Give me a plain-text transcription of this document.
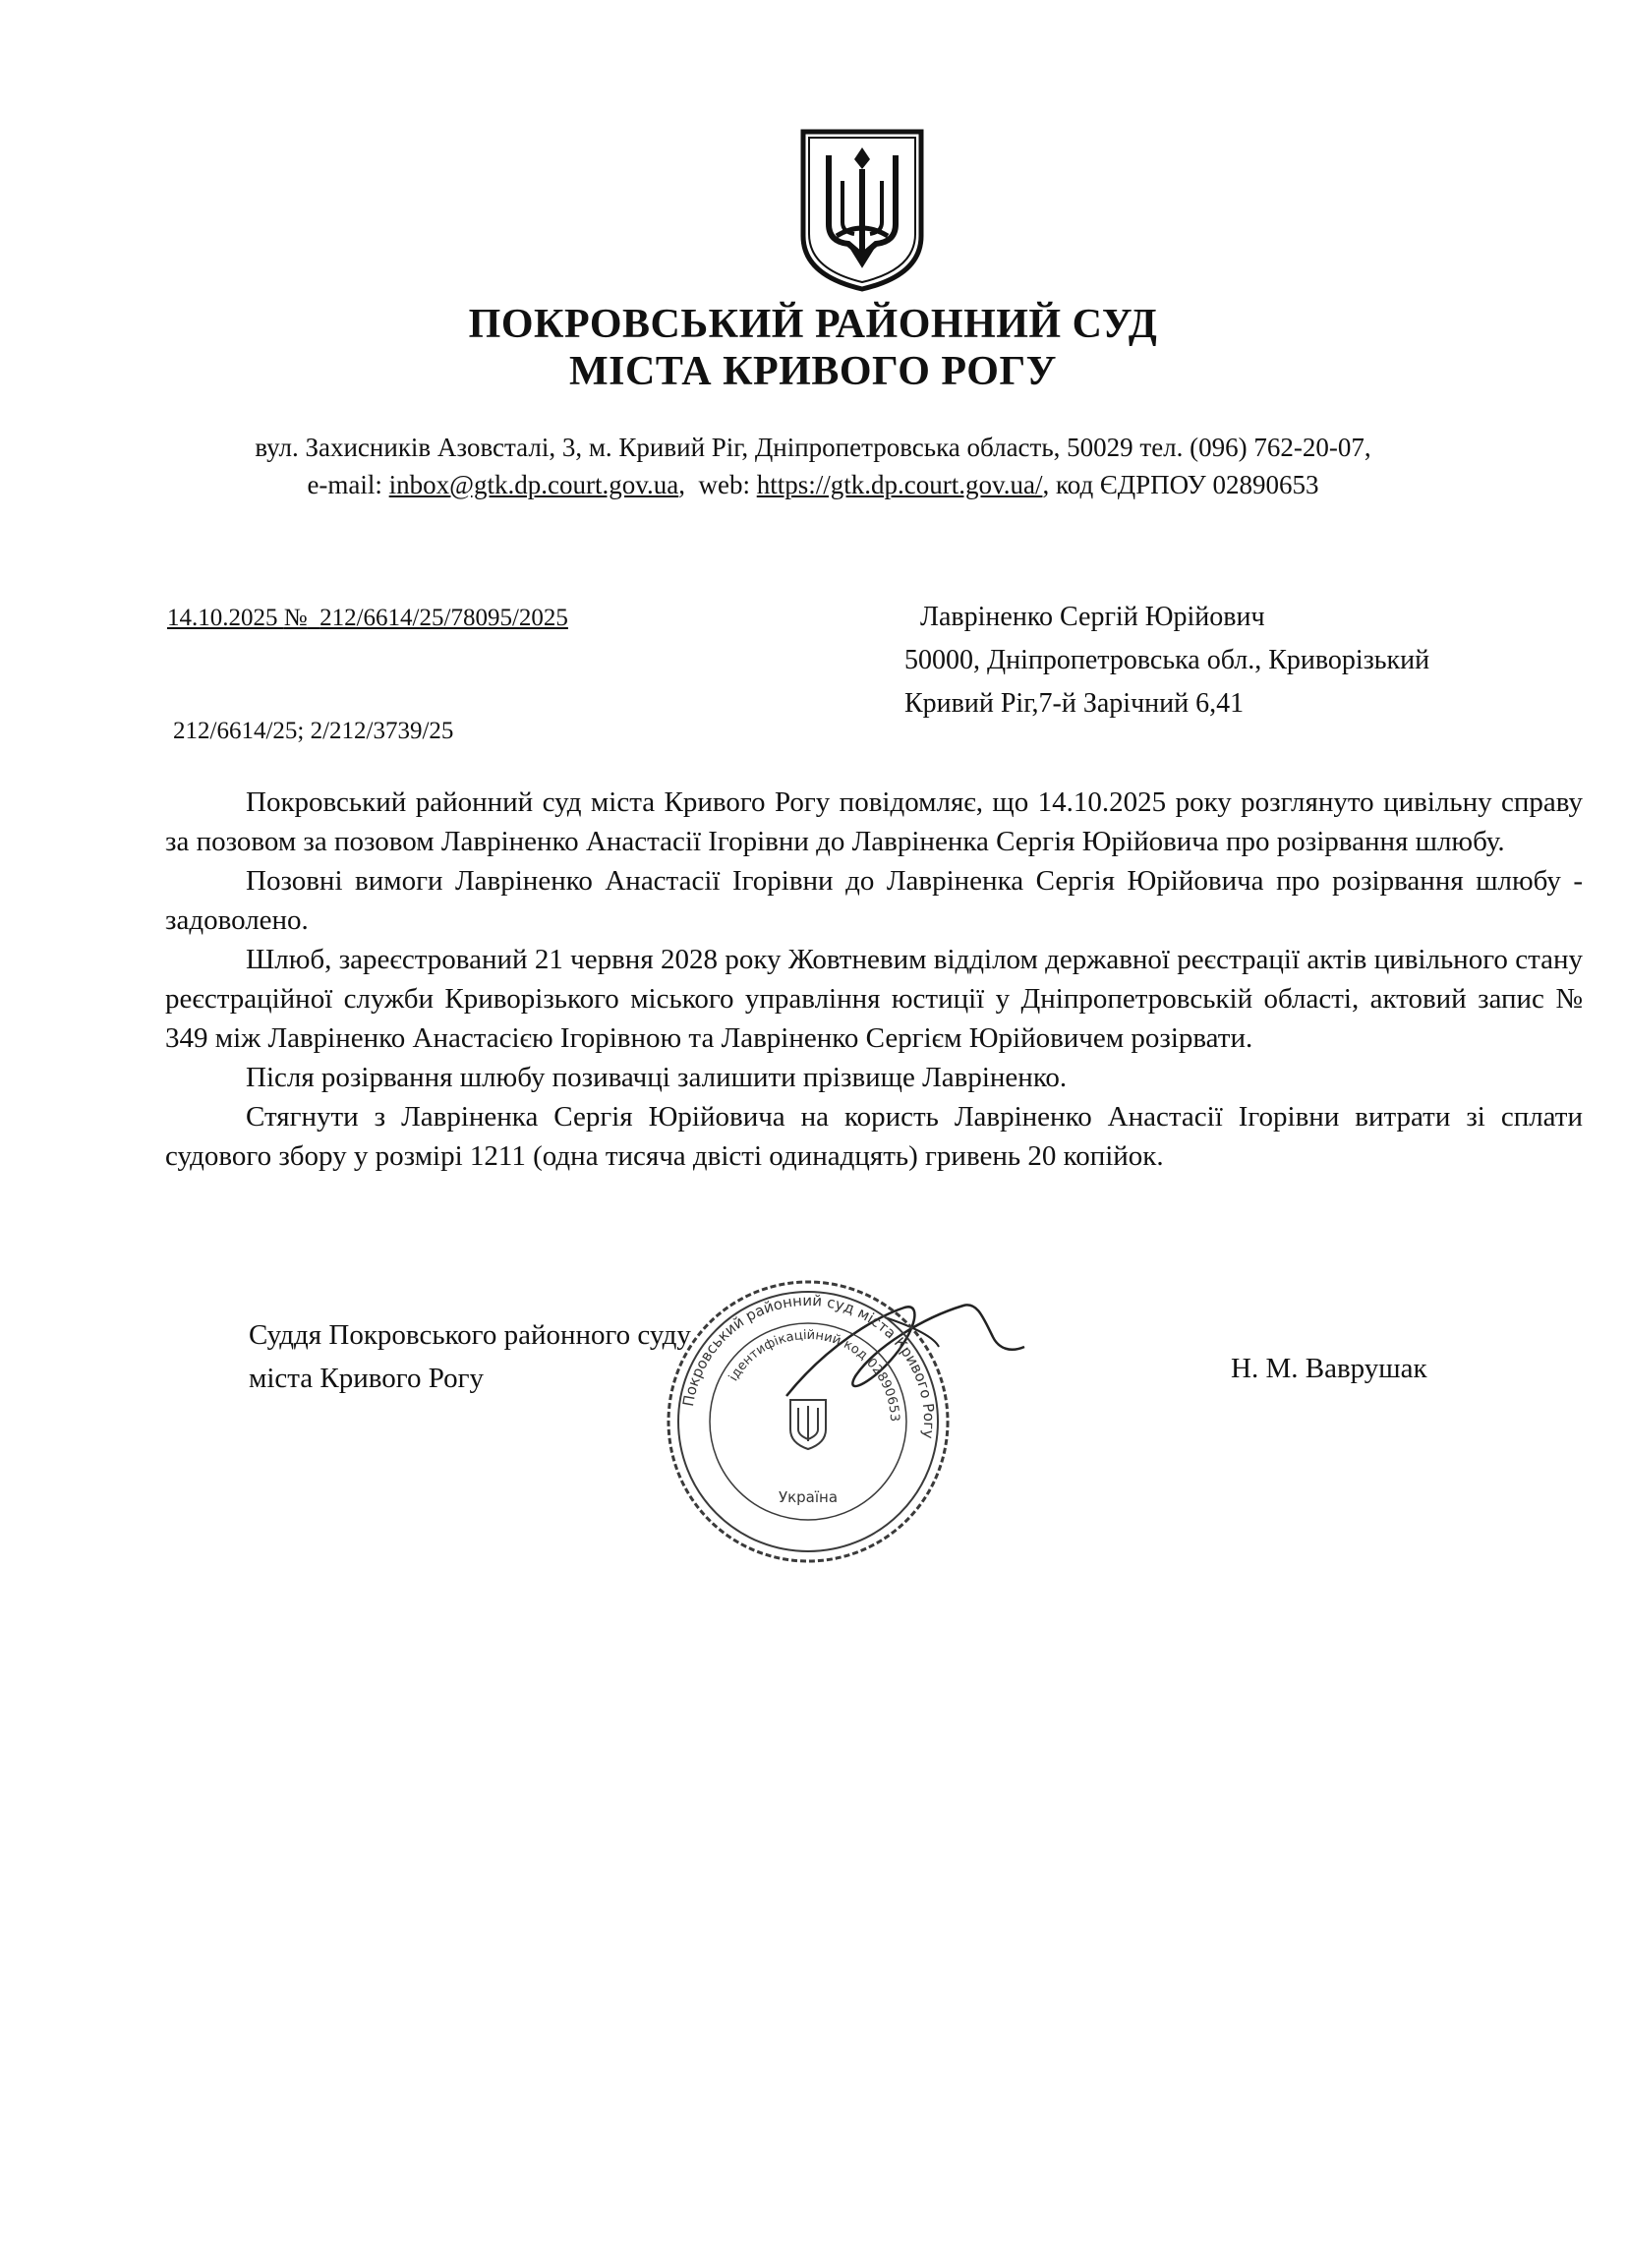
ПОКРОВСЬКИЙ РАЙОННИЙ СУД
МІСТА КРИВОГО РОГУ
вул. Захисників Азовсталі, 3, м. Кривий Ріг, Дніпропетровська область, 50029 тел. (096) 762-20-07,
e-mail: inbox@gtk.dp.court.gov.ua,  web: https://gtk.dp.court.gov.ua/, код ЄДРПОУ 02890653
14.10.2025 № 212/6614/25/78095/2025
212/6614/25; 2/212/3739/25
Лавріненко Сергій Юрійович
50000, Дніпропетровська обл., Криворізький
Кривий Ріг,7-й Зарічний 6,41

Покровський районний суд міста Кривого Рогу повідомляє, що 14.10.2025 року розглянуто цивільну справу за позовом за позовом Лавріненко Анастасії Ігорівни до Лавріненка Сергія Юрійовича про розірвання шлюбу.

Позовні вимоги Лавріненко Анастасії Ігорівни до Лавріненка Сергія Юрійовича про розірвання шлюбу - задоволено.

Шлюб, зареєстрований 21 червня 2028 року Жовтневим відділом державної реєстрації актів цивільного стану реєстраційної служби Криворізького міського управління юстиції у Дніпропетровській області, актовий запис № 349 між Лавріненко Анастасією Ігорівною та Лавріненко Сергієм Юрійовичем розірвати.

Після розірвання шлюбу позивачці залишити прізвище Лавріненко.

Стягнути з Лавріненка Сергія Юрійовича на користь Лавріненко Анастасії Ігорівни витрати зі сплати судового збору у розмірі 1211 (одна тисяча двісті одинадцять) гривень 20 копійок.

Суддя Покровського районного суду
міста Кривого Рогу	Н. М. Ваврушак
Покровський районний суд міста Кривого Рогу
ідентифікаційний код 02890653
Україна
